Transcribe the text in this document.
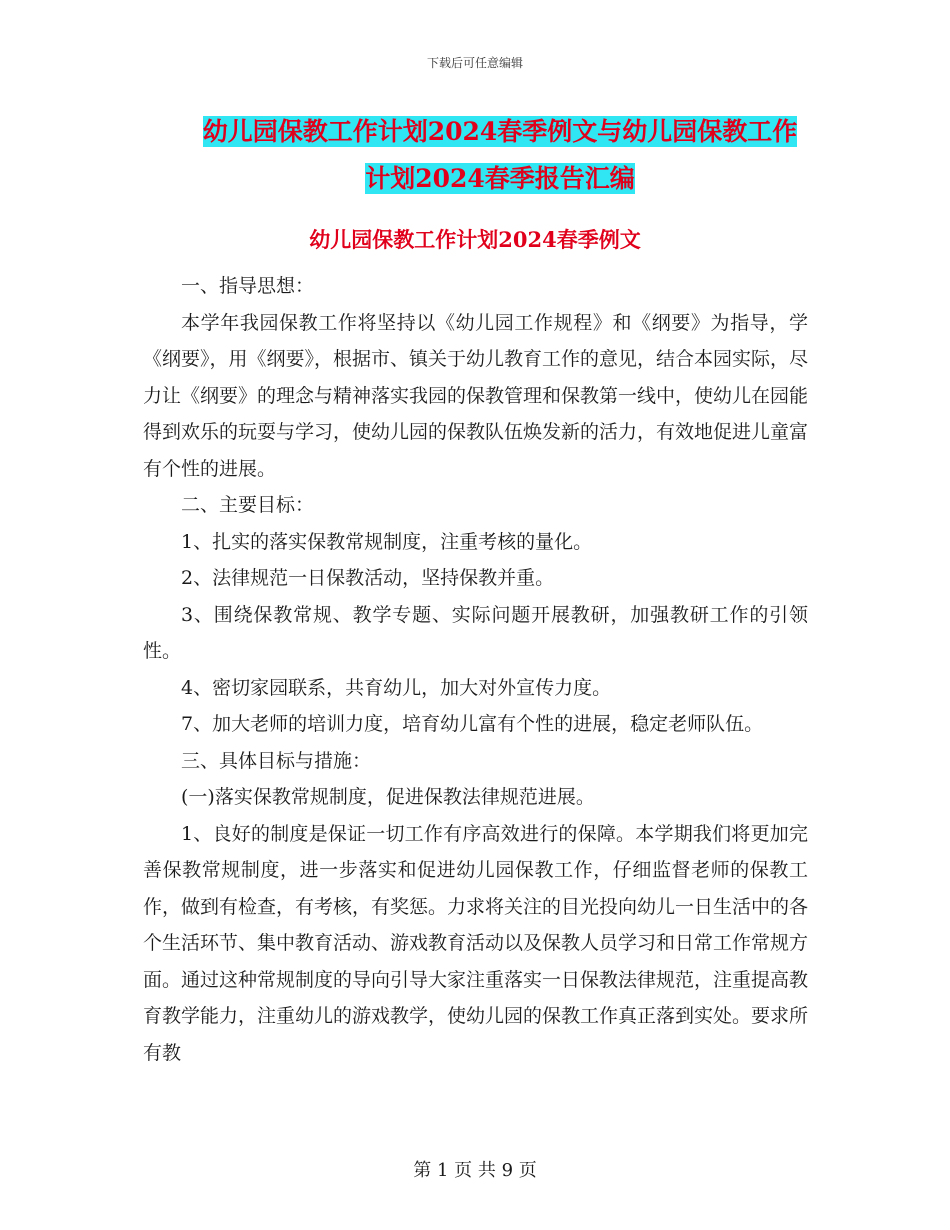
下载后可任意编辑
幼儿园保教工作计划2024春季例文与幼儿园保教工作
计划2024春季报告汇编
幼儿园保教工作计划2024春季例文

一、指导思想：

本学年我园保教工作将坚持以《幼儿园工作规程》和《纲要》为指导，学《纲要》，用《纲要》，根据市、镇关于幼儿教育工作的意见，结合本园实际，尽力让《纲要》的理念与精神落实我园的保教管理和保教第一线中，使幼儿在园能得到欢乐的玩耍与学习，使幼儿园的保教队伍焕发新的活力，有效地促进儿童富有个性的进展。

二、主要目标：

1、扎实的落实保教常规制度，注重考核的量化。

2、法律规范一日保教活动，坚持保教并重。

3、围绕保教常规、教学专题、实际问题开展教研，加强教研工作的引领性。

4、密切家园联系，共育幼儿，加大对外宣传力度。

7、加大老师的培训力度，培育幼儿富有个性的进展，稳定老师队伍。

三、具体目标与措施：

(一)落实保教常规制度，促进保教法律规范进展。

1、良好的制度是保证一切工作有序高效进行的保障。本学期我们将更加完善保教常规制度，进一步落实和促进幼儿园保教工作，仔细监督老师的保教工作，做到有检查，有考核，有奖惩。力求将关注的目光投向幼儿一日生活中的各个生活环节、集中教育活动、游戏教育活动以及保教人员学习和日常工作常规方面。通过这种常规制度的导向引导大家注重落实一日保教法律规范，注重提高教育教学能力，注重幼儿的游戏教学，使幼儿园的保教工作真正落到实处。要求所有教

第 1 页 共 9 页
